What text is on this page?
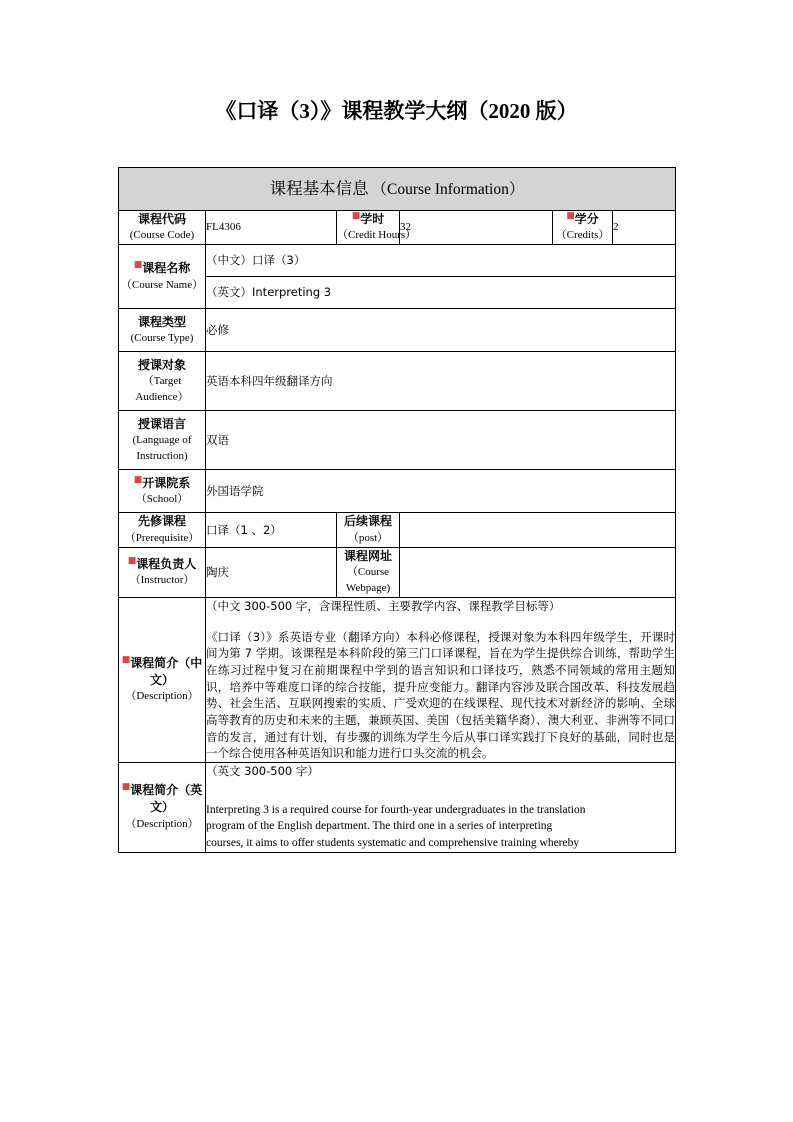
《口译（3）》课程教学大纲（2020 版）
课程基本信息 （Course Information）					

课程代码
(Course Code)
	FL4306	
■学时
（Credit Hours）
	32	
■学分
（Credits）
	2

■课程名称
（Course Name）	（中文）口译（3）				
	（英文）Interpreting 3				

课程类型
(Course Type)	必修				

授课对象
（Target Audience）	英语本科四年级翻译方向				

授课语言
(Language of Instruction)	双语				

■开课院系
（School）	外国语学院				

先修课程
（Prerequisite）
	口译（1 、2）	
后续课程
（post）

■课程负责人
（Instructor）
	陶庆	
课程网址
（Course Webpage)

■课程简介（中文）
（Description）

（中文 300-500 字，含课程性质、主要教学内容、课程教学目标等）
《口译（3）》系英语专业（翻译方向）本科必修课程，授课对象为本科四年级学生，开课时间为第 7 学期。该课程是本科阶段的第三门口译课程，旨在为学生提供综合训练，帮助学生在练习过程中复习在前期课程中学到的语言知识和口译技巧，熟悉不同领域的常用主题知识，培养中等难度口译的综合技能，提升应变能力。翻译内容涉及联合国改革、科技发展趋势、社会生活、互联网搜索的实质、广受欢迎的在线课程、现代技术对新经济的影响、全球高等教育的历史和未来的主题，兼顾英国、美国（包括美籍华裔）、澳大利亚、非洲等不同口音的发言，通过有计划，有步骤的训练为学生今后从事口译实践打下良好的基础，同时也是一个综合使用各种英语知识和能力进行口头交流的机会。

■课程简介（英文）
（Description）

（英文 300-500 字）
Interpreting 3 is a required course for fourth-year undergraduates in the translation
program of the English department. The third one in a series of interpreting
courses, it aims to offer students systematic and comprehensive training whereby
